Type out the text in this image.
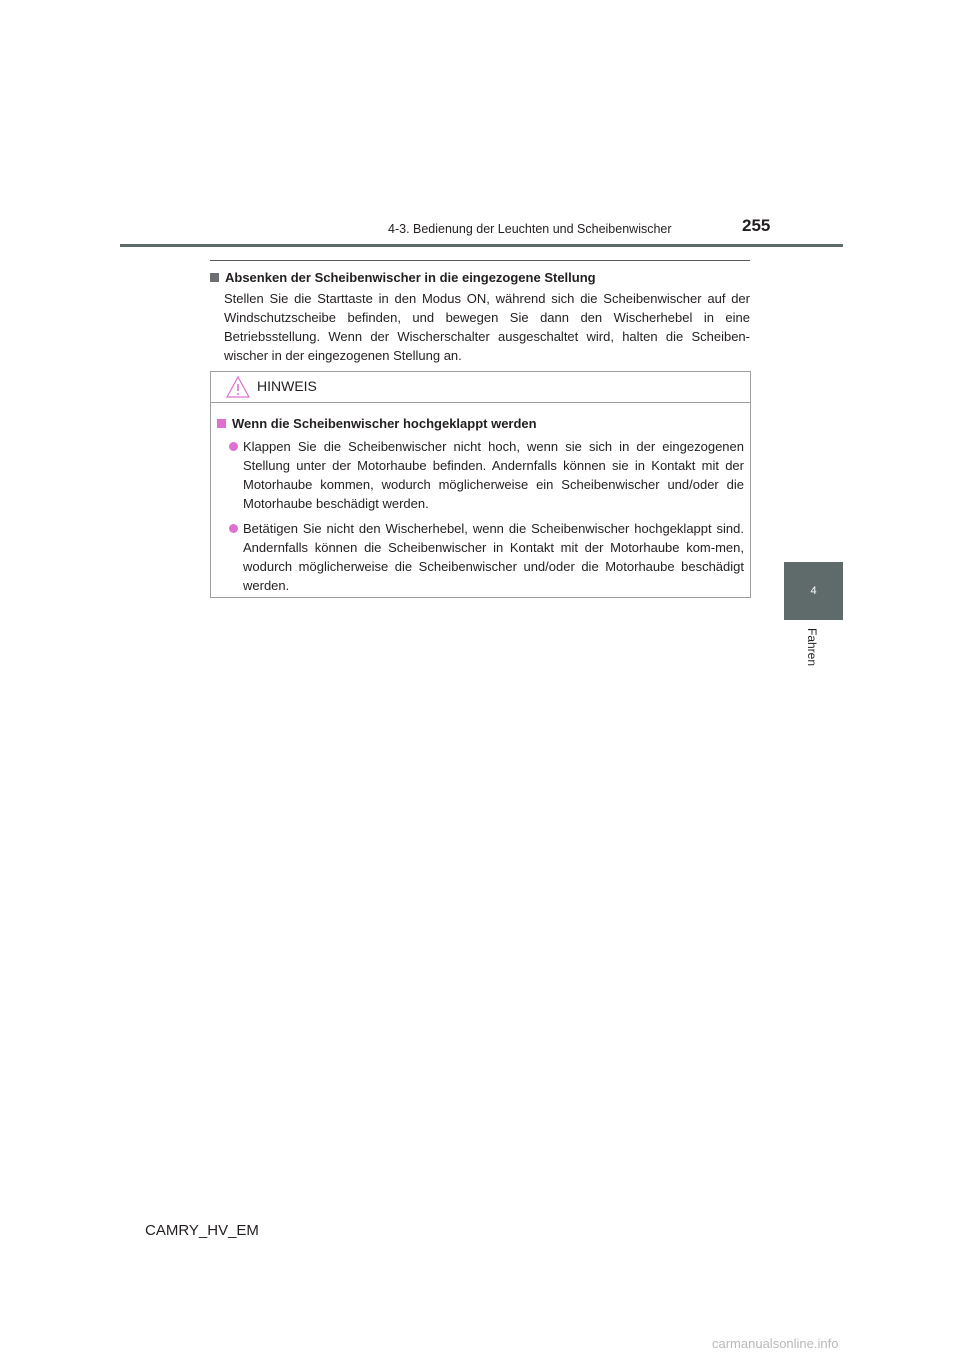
4-3. Bedienung der Leuchten und Scheibenwischer	255

Absenken der Scheibenwischer in die eingezogene Stellung

Stellen Sie die Starttaste in den Modus ON, während sich die Scheibenwischer auf der Windschutzscheibe befinden, und bewegen Sie dann den Wischerhebel in eine Betriebsstellung. Wenn der Wischerschalter ausgeschaltet wird, halten die Scheiben-wischer in der eingezogenen Stellung an.

HINWEIS

Wenn die Scheibenwischer hochgeklappt werden

Klappen Sie die Scheibenwischer nicht hoch, wenn sie sich in der eingezogenen Stellung unter der Motorhaube befinden. Andernfalls können sie in Kontakt mit der Motorhaube kommen, wodurch möglicherweise ein Scheibenwischer und/oder die Motorhaube beschädigt werden.
Betätigen Sie nicht den Wischerhebel, wenn die Scheibenwischer hochgeklappt sind. Andernfalls können die Scheibenwischer in Kontakt mit der Motorhaube kom-men, wodurch möglicherweise die Scheibenwischer und/oder die Motorhaube beschädigt werden.	4
Fahren
CAMRY_HV_EM
carmanualsonline.info
